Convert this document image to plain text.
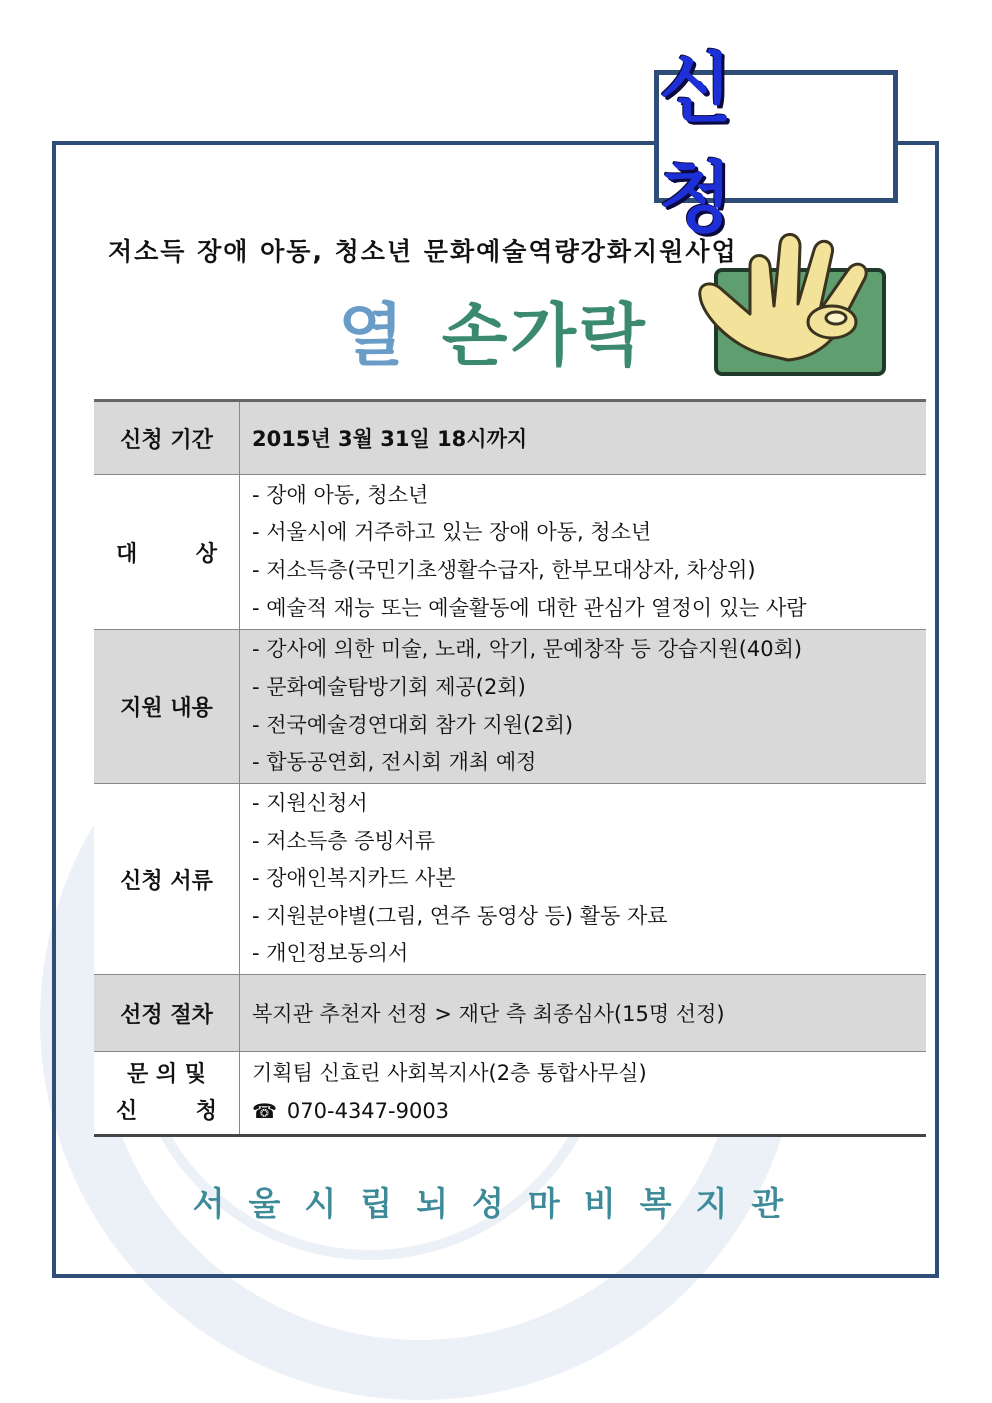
신 청
저소득 장애 아동, 청소년 문화예술역량강화지원사업
열 손가락
신청 기간	2015년 3월 31일 18시까지

대 상	- 장애 아동, 청소년
- 서울시에 거주하고 있는 장애 아동, 청소년
- 저소득층(국민기초생활수급자, 한부모대상자, 차상위)
- 예술적 재능 또는 예술활동에 대한 관심가 열정이 있는 사람

지원 내용	- 강사에 의한 미술, 노래, 악기, 문예창작 등 강습지원(40회)
- 문화예술탐방기회 제공(2회)
- 전국예술경연대회 참가 지원(2회)
- 합동공연회, 전시회 개최 예정

신청 서류	- 지원신청서
- 저소득층 증빙서류
- 장애인복지카드 사본
- 지원분야별(그림, 연주 동영상 등) 활동 자료
- 개인정보동의서

선정 절차	복지관 추천자 선정 > 재단 측 최종심사(15명 선정)

문 의 및
신 청	기획팀 신효린 사회복지사(2층 통합사무실)
☎ 070-4347-9003
서울시립뇌성마비복지관
